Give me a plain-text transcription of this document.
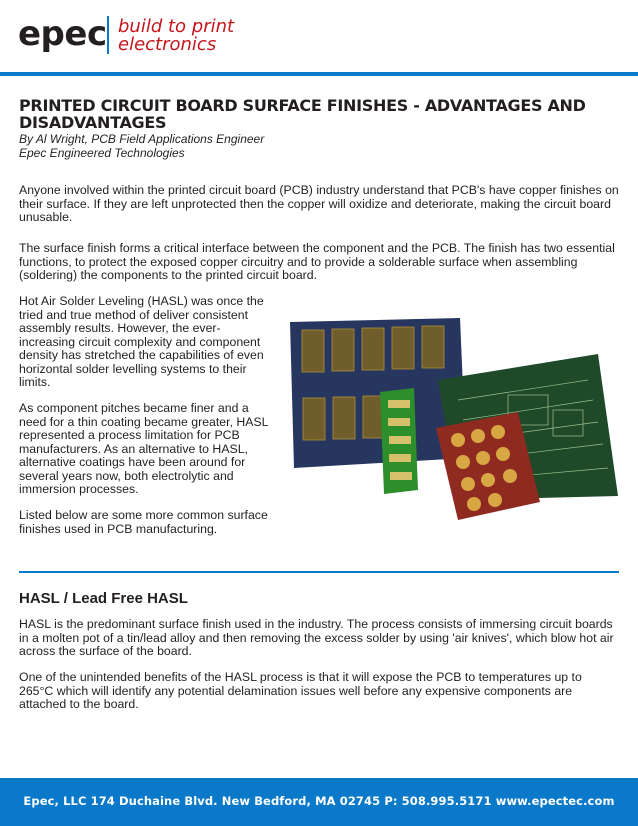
epec build to print
electronics
PRINTED CIRCUIT BOARD SURFACE FINISHES - ADVANTAGES AND DISADVANTAGES
By Al Wright, PCB Field Applications Engineer
Epec Engineered Technologies

Anyone involved within the printed circuit board (PCB) industry understand that PCB's have copper finishes on their surface. If they are left unprotected then the copper will oxidize and deteriorate, making the circuit board unusable.

The surface finish forms a critical interface between the component and the PCB. The finish has two essential functions, to protect the exposed copper circuitry and to provide a solderable surface when assembling (soldering) the components to the printed circuit board.

Hot Air Solder Leveling (HASL) was once the tried and true method of deliver consistent assembly results. However, the ever-increasing circuit complexity and component density has stretched the capabilities of even horizontal solder levelling systems to their limits.

As component pitches became finer and a need for a thin coating became greater, HASL represented a process limitation for PCB manufacturers. As an alternative to HASL, alternative coatings have been around for several years now, both electrolytic and immersion processes.

Listed below are some more common surface finishes used in PCB manufacturing.

HASL / Lead Free HASL

HASL is the predominant surface finish used in the industry. The process consists of immersing circuit boards in a molten pot of a tin/lead alloy and then removing the excess solder by using 'air knives', which blow hot air across the surface of the board.

One of the unintended benefits of the HASL process is that it will expose the PCB to temperatures up to 265°C which will identify any potential delamination issues well before any expensive components are attached to the board.

Epec, LLC 174 Duchaine Blvd. New Bedford, MA 02745 P: 508.995.5171 www.epectec.com
